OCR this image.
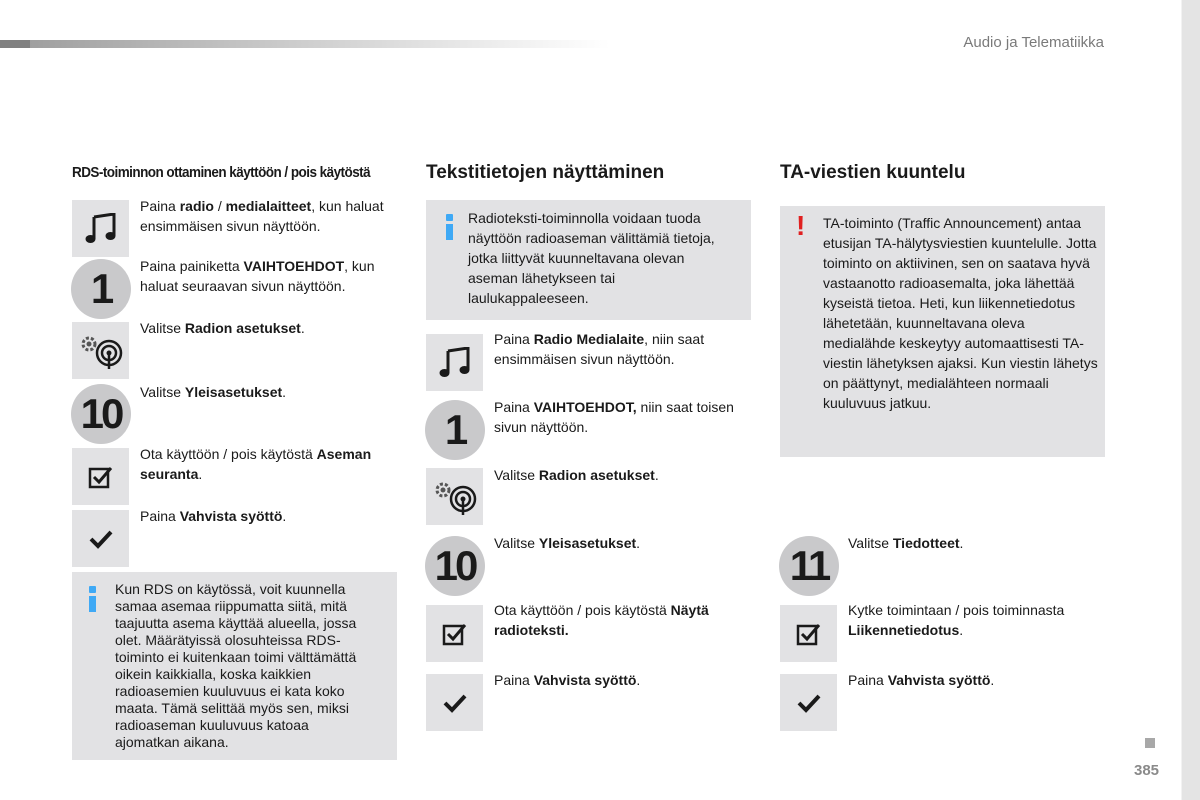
Audio ja Telematiikka
RDS-toiminnon ottaminen käyttöön / pois käytöstä	Tekstitietojen näyttäminen	TA-viestien kuuntelu
Paina radio / medialaitteet, kun haluat ensimmäisen sivun näyttöön.
1	Paina painiketta VAIHTOEHDOT, kun haluat seuraavan sivun näyttöön.
Valitse Radion asetukset.
10	Valitse Yleisasetukset.
Ota käyttöön / pois käytöstä Aseman seuranta.
Paina Vahvista syöttö.
Kun RDS on käytössä, voit kuunnella samaa asemaa riippumatta siitä, mitä taajuutta asema käyttää alueella, jossa olet. Määrätyissä olosuhteissa RDS-toiminto ei kuitenkaan toimi välttämättä oikein kaikkialla, koska kaikkien radioasemien kuuluvuus ei kata koko maata. Tämä selittää myös sen, miksi radioaseman kuuluvuus katoaa ajomatkan aikana.
Radioteksti-toiminnolla voidaan tuoda näyttöön radioaseman välittämiä tietoja, jotka liittyvät kuunneltavana olevan aseman lähetykseen tai laulukappaleeseen.
Paina Radio Medialaite, niin saat ensimmäisen sivun näyttöön.
1	Paina VAIHTOEHDOT, niin saat toisen sivun näyttöön.
Valitse Radion asetukset.
10	Valitse Yleisasetukset.
Ota käyttöön / pois käytöstä Näytä radioteksti.
Paina Vahvista syöttö.
! TA-toiminto (Traffic Announcement) antaa etusijan TA-hälytysviestien kuuntelulle. Jotta toiminto on aktiivinen, sen on saatava hyvä vastaanotto radioasemalta, joka lähettää kyseistä tietoa. Heti, kun liikennetiedotus lähetetään, kuunneltavana oleva medialähde keskeytyy automaattisesti TA-viestin lähetyksen ajaksi. Kun viestin lähetys on päättynyt, medialähteen normaali kuuluvuus jatkuu.
11	Valitse Tiedotteet.
Kytke toimintaan / pois toiminnasta Liikennetiedotus.
Paina Vahvista syöttö.
385
